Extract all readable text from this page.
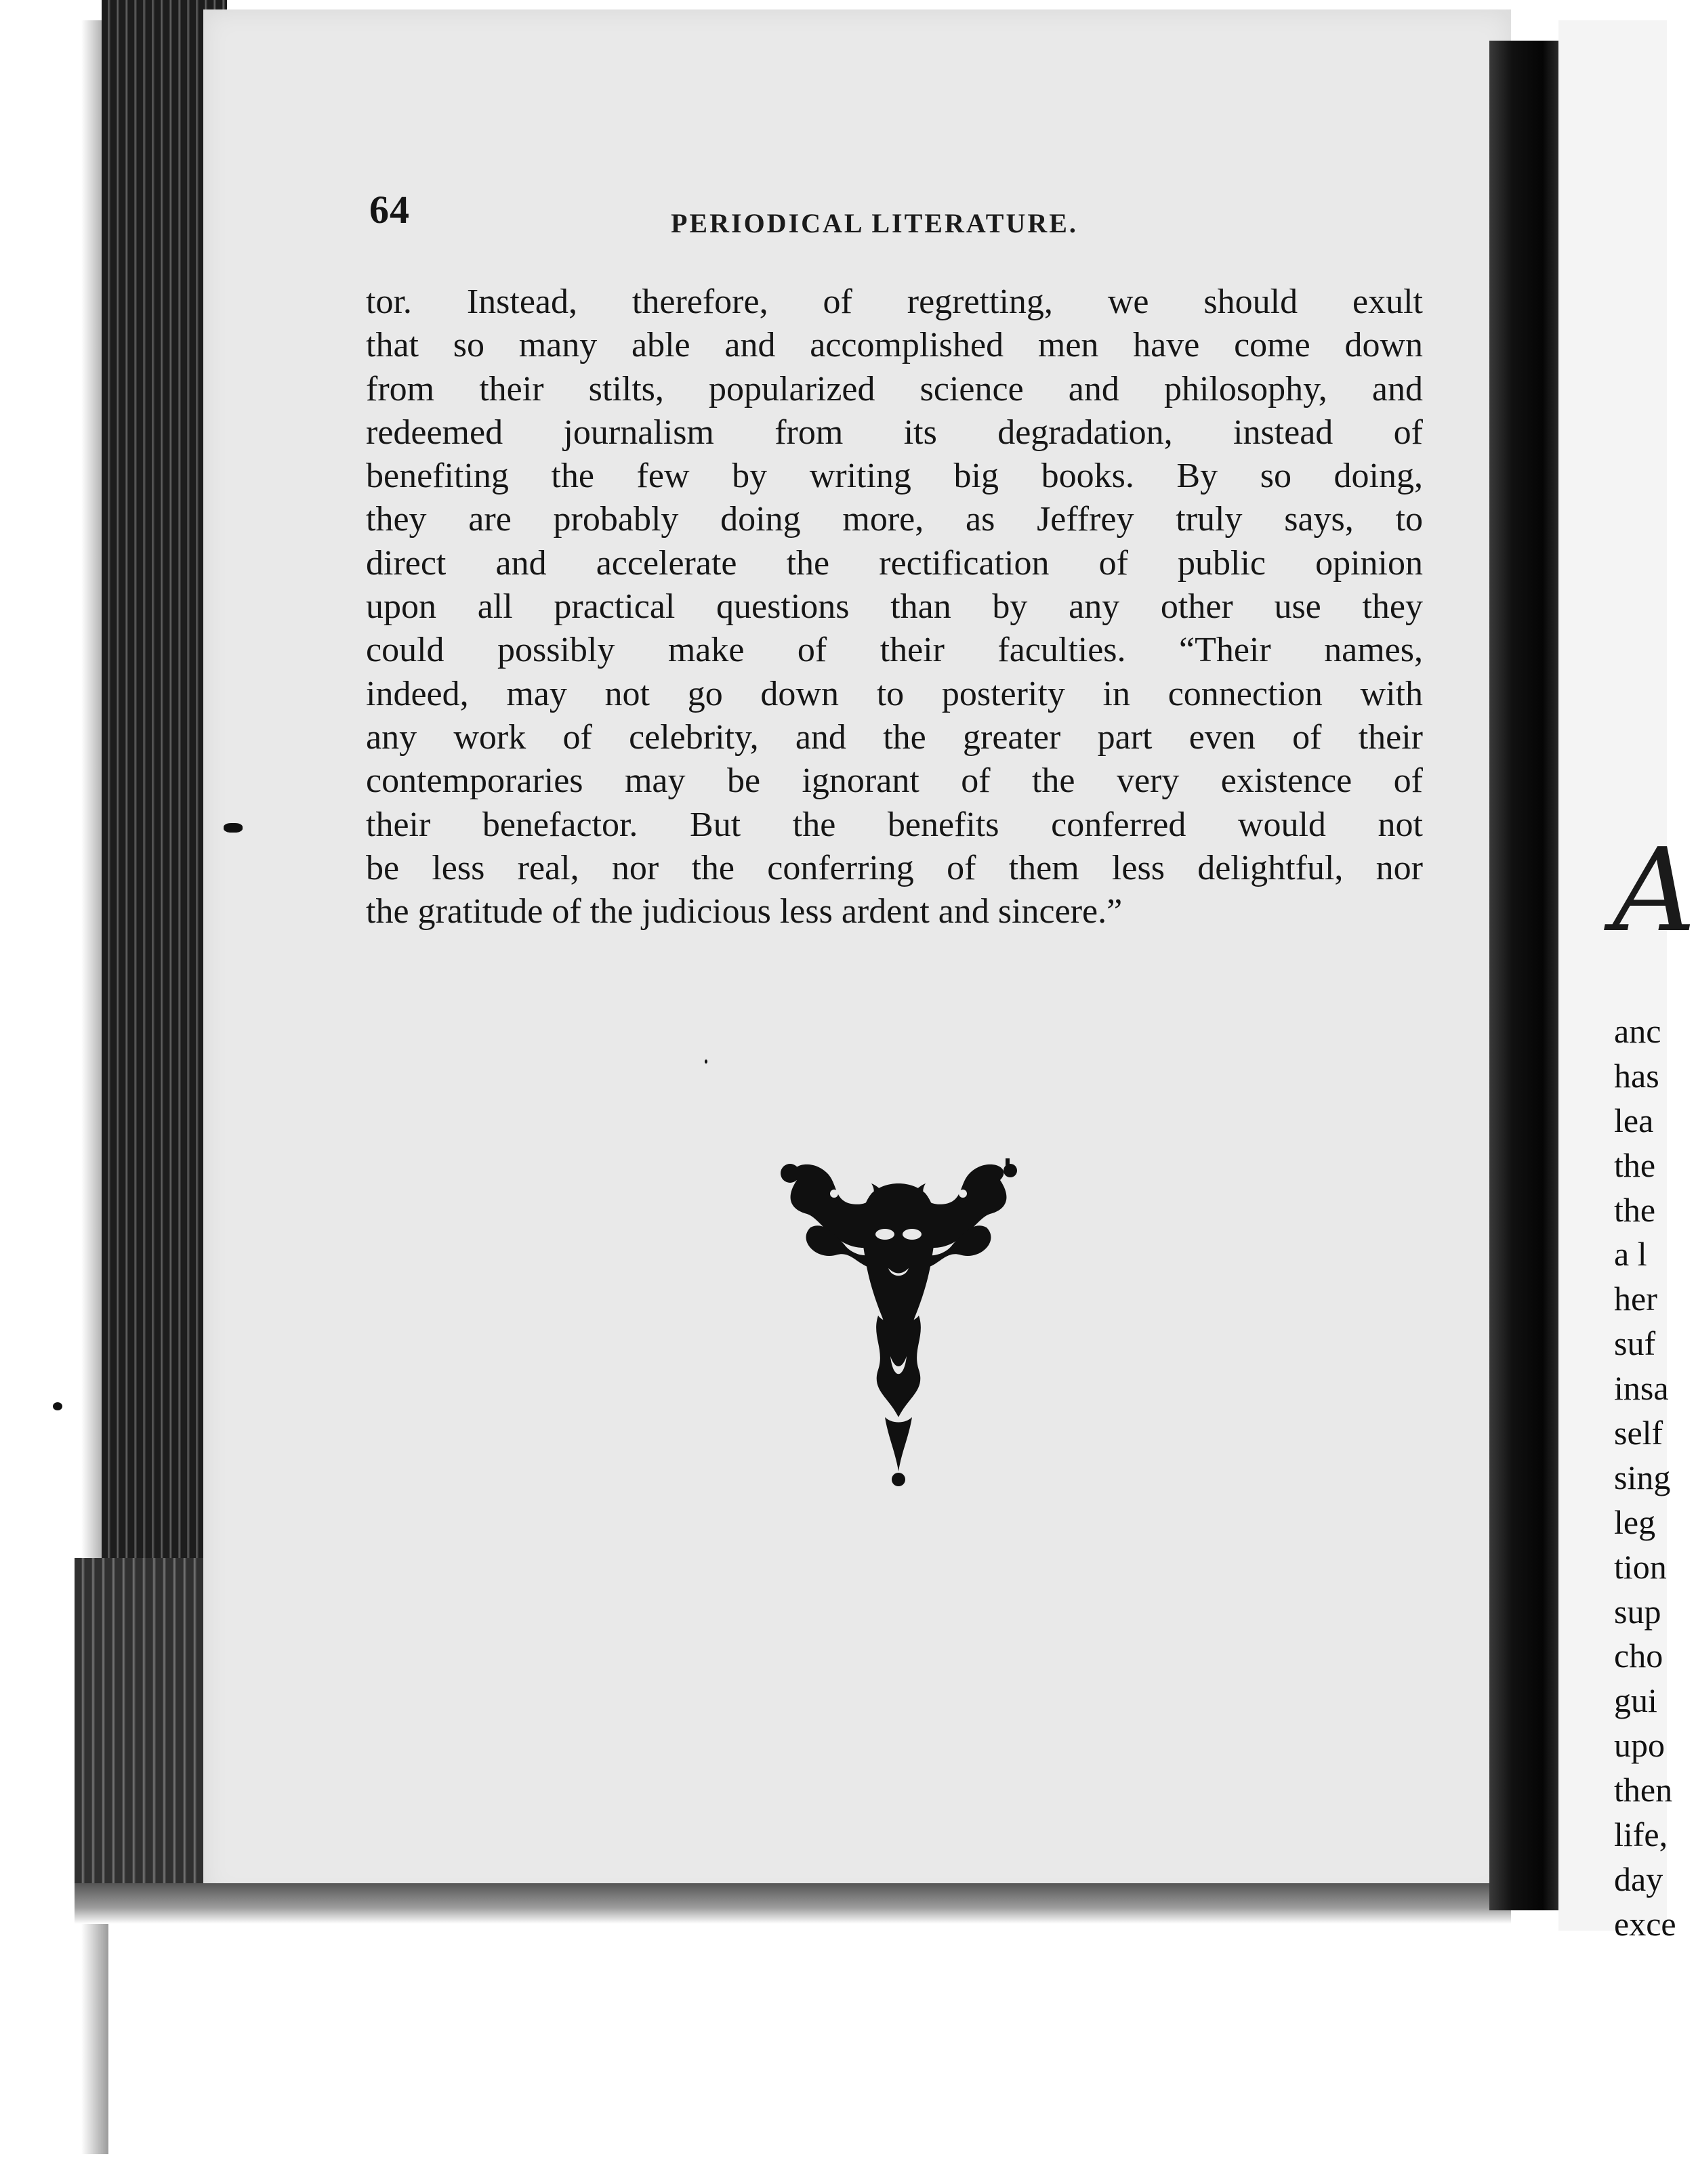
64	PERIODICAL LITERATURE.
tor. Instead, therefore, of regretting, we should exult
that so many able and accomplished men have come down
from their stilts, popularized science and philosophy, and
redeemed journalism from its degradation, instead of
benefiting the few by writing big books. By so doing,
they are probably doing more, as Jeffrey truly says, to
direct and accelerate the rectification of public opinion
upon all practical questions than by any other use they
could possibly make of their faculties. “Their names,
indeed, may not go down to posterity in connection with
any work of celebrity, and the greater part even of their
contemporaries may be ignorant of the very existence of
their benefactor. But the benefits conferred would not
be less real, nor the conferring of them less delightful, nor
the gratitude of the judicious less ardent and sincere.”	A
anc
has
lea
the
the
a l
her
suf
insa
self
sing
leg
tion
sup
cho
gui
upo
then
life,
day
exce
